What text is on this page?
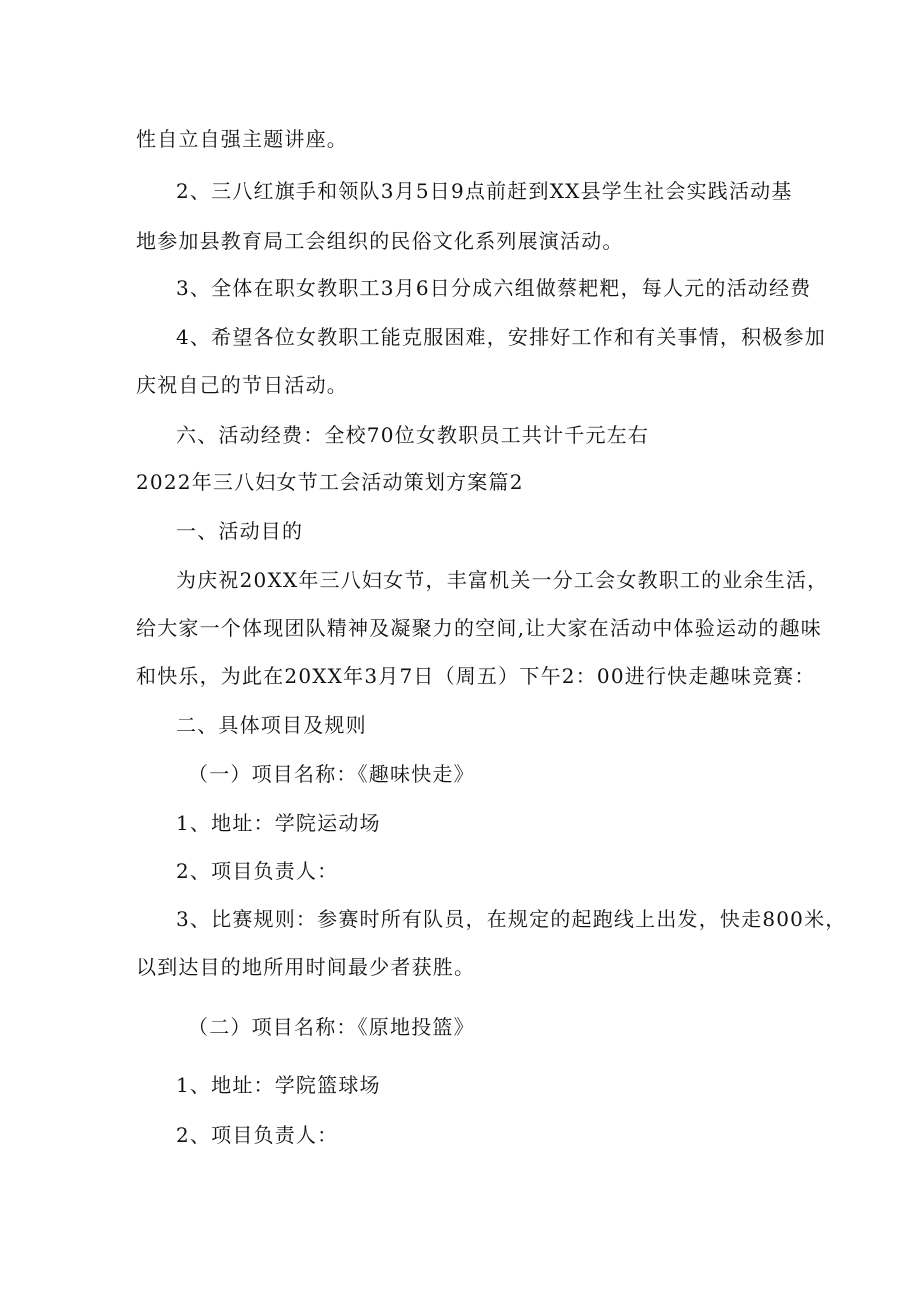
性自立自强主题讲座。
2、三八红旗手和领队3月5日9点前赶到XX县学生社会实践活动基
地参加县教育局工会组织的民俗文化系列展演活动。
3、全体在职女教职工3月6日分成六组做蔡耙粑，每人元的活动经费
4、希望各位女教职工能克服困难，安排好工作和有关事情，积极参加
庆祝自己的节日活动。
六、活动经费：全校70位女教职员工共计千元左右
2022年三八妇女节工会活动策划方案篇2
一、活动目的
为庆祝20XX年三八妇女节，丰富机关一分工会女教职工的业余生活，
给大家一个体现团队精神及凝聚力的空间,让大家在活动中体验运动的趣味
和快乐，为此在20XX年3月7日（周五）下午2：00进行快走趣味竞赛：
二、具体项目及规则
（一）项目名称：《趣味快走》
1、地址：学院运动场
2、项目负责人：
3、比赛规则：参赛时所有队员，在规定的起跑线上出发，快走800米，
以到达目的地所用时间最少者获胜。
（二）项目名称：《原地投篮》
1、地址：学院篮球场
2、项目负责人：
